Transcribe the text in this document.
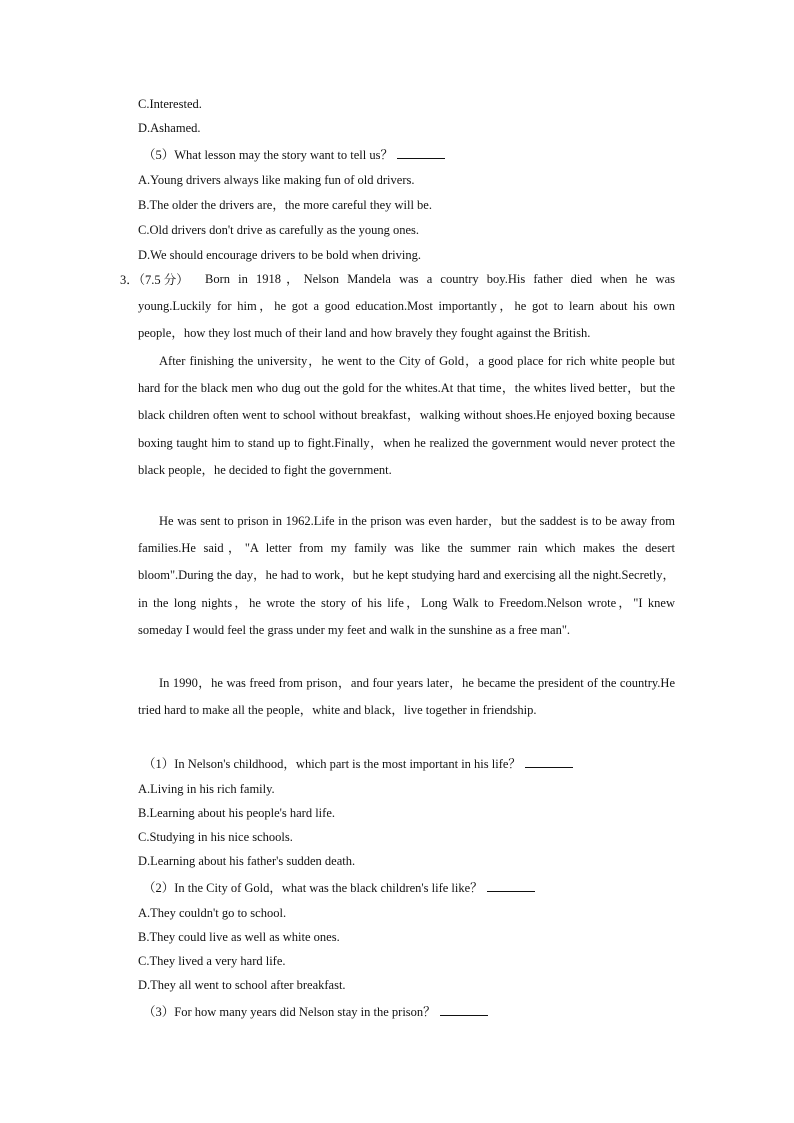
C.Interested.
D.Ashamed.
（5）What lesson may the story want to tell us？
A.Young drivers always like making fun of old drivers.
B.The older the drivers are，the more careful they will be.
C.Old drivers don't drive as carefully as the young ones.
D.We should encourage drivers to be bold when driving.
3．（7.5 分）	Born in 1918，Nelson Mandela was a country boy.His father died when he was young.Luckily for him，he got a good education.Most importantly，he got to learn about his own people，how they lost much of their land and how bravely they fought against the British.
After finishing the university，he went to the City of Gold，a good place for rich white people but hard for the black men who dug out the gold for the whites.At that time，the whites lived better，but the black children often went to school without breakfast，walking without shoes.He enjoyed boxing because boxing taught him to stand up to fight.Finally，when he realized the government would never protect the black people，he decided to fight the government.
He was sent to prison in 1962.Life in the prison was even harder，but the saddest is to be away from families.He said，"A letter from my family was like the summer rain which makes the desert bloom".During the day，he had to work，but he kept studying hard and exercising all the night.Secretly，in the long nights，he wrote the story of his life，Long Walk to Freedom.Nelson wrote，"I knew someday I would feel the grass under my feet and walk in the sunshine as a free man".
In 1990，he was freed from prison，and four years later，he became the president of the country.He tried hard to make all the people，white and black，live together in friendship.
（1）In Nelson's childhood，which part is the most important in his life？
A.Living in his rich family.
B.Learning about his people's hard life.
C.Studying in his nice schools.
D.Learning about his father's sudden death.
（2）In the City of Gold，what was the black children's life like？
A.They couldn't go to school.
B.They could live as well as white ones.
C.They lived a very hard life.
D.They all went to school after breakfast.
（3）For how many years did Nelson stay in the prison？
